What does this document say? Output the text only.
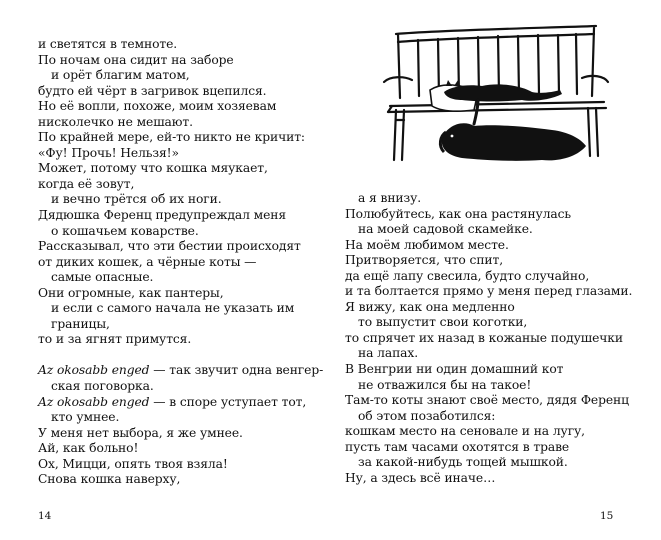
и светятся в темноте.
По ночам она сидит на заборе
и орёт благим матом,
будто ей чёрт в загривок вцепился.
Но её вопли, похоже, моим хозяевам
нисколечко не мешают.
По крайней мере, ей-то никто не кричит:
«Фу! Прочь! Нельзя!»
Может, потому что кошка мяукает,
когда её зовут,
и вечно трётся об их ноги.
Дядюшка Ференц предупреждал меня
о кошачьем коварстве.
Рассказывал, что эти бестии происходят
от диких кошек, а чёрные коты —
самые опасные.
Они огромные, как пантеры,
и если с самого начала не указать им
границы,
то и за ягнят примутся.
Az okosabb enged — так звучит одна венгер-
ская поговорка.
Az okosabb enged — в споре уступает тот,
кто умнее.
У меня нет выбора, я же умнее.
Ай, как больно!
Ох, Мицци, опять твоя взяла!
Снова кошка наверху,
14
а я внизу.
Полюбуйтесь, как она растянулась
на моей садовой скамейке.
На моём любимом месте.
Притворяется, что спит,
да ещё лапу свесила, будто случайно,
и та болтается прямо у меня перед глазами.
Я вижу, как она медленно
то выпустит свои коготки,
то спрячет их назад в кожаные подушечки
на лапах.
В Венгрии ни один домашний кот
не отважился бы на такое!
Там-то коты знают своё место, дядя Ференц
об этом позаботился:
кошкам место на сеновале и на лугу,
пусть там часами охотятся в траве
за какой-нибудь тощей мышкой.
Ну, а здесь всё иначе…
15
